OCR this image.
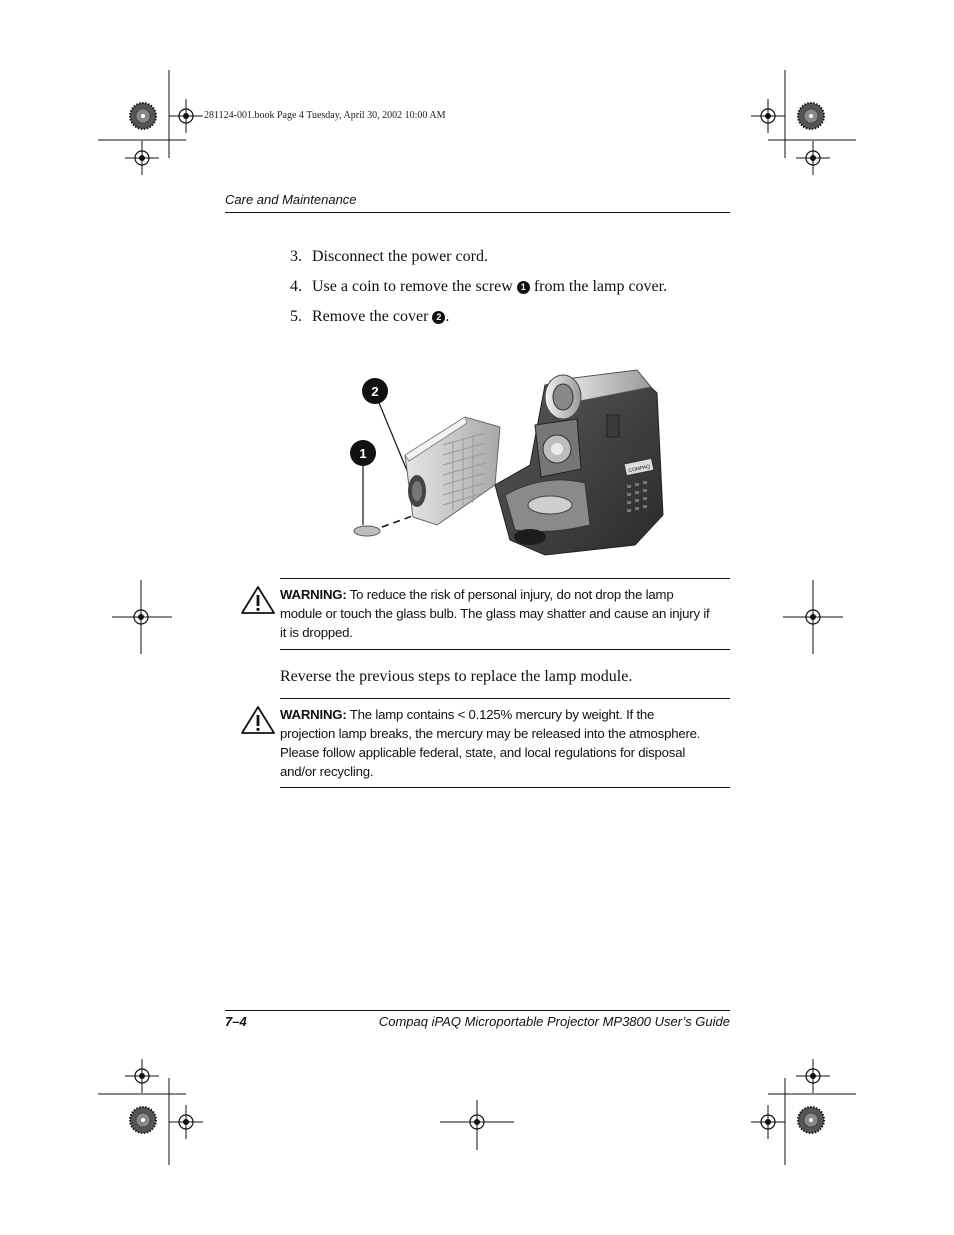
281124-001.book Page 4 Tuesday, April 30, 2002 10:00 AM
Care and Maintenance
3. Disconnect the power cord.
4. Use a coin to remove the screw 1 from the lamp cover.
5. Remove the cover 2 .
1
2
COMPAQ
WARNING: To reduce the risk of personal injury, do not drop the lamp module or touch the glass bulb. The glass may shatter and cause an injury if it is dropped.
Reverse the previous steps to replace the lamp module.
WARNING: The lamp contains < 0.125% mercury by weight. If the projection lamp breaks, the mercury may be released into the atmosphere. Please follow applicable federal, state, and local regulations for disposal and/or recycling.
7–4	Compaq iPAQ Microportable Projector MP3800 User’s Guide
